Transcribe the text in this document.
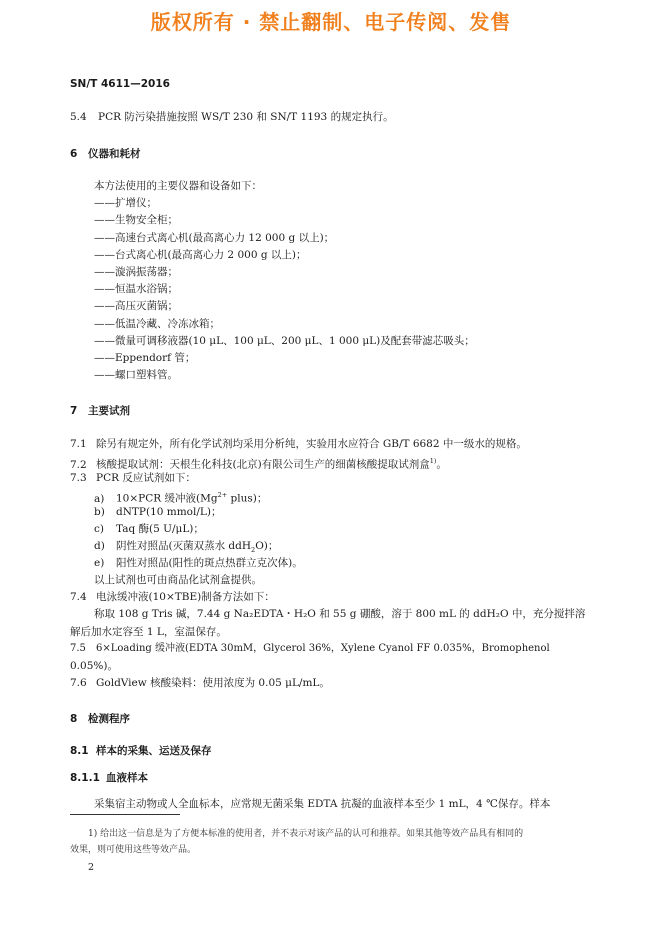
版权所有 · 禁止翻制、电子传阅、发售
SN/T 4611—2016
5.4 PCR 防污染措施按照 WS/T 230 和 SN/T 1193 的规定执行。
6 仪器和耗材
本方法使用的主要仪器和设备如下：
——扩增仪；
——生物安全柜；
——高速台式离心机(最高离心力 12 000 g 以上)；
——台式离心机(最高离心力 2 000 g 以上)；
——漩涡振荡器；
——恒温水浴锅；
——高压灭菌锅；
——低温冷藏、冷冻冰箱；
——微量可调移液器(10 μL、100 μL、200 μL、1 000 μL)及配套带滤芯吸头；
——Eppendorf 管；
——螺口塑料管。
7 主要试剂
7.1 除另有规定外，所有化学试剂均采用分析纯，实验用水应符合 GB/T 6682 中一级水的规格。
7.2 核酸提取试剂：天根生化科技(北京)有限公司生产的细菌核酸提取试剂盒$^{1)}$。
7.3 PCR 反应试剂如下：
a) 10×PCR 缓冲液($Mg^{2+}$ plus)；
b) dNTP(10 mmol/L)；
c) Taq 酶(5 U/μL)；
d) 阴性对照品(灭菌双蒸水 ddH$_2$O)；
e) 阳性对照品(阳性的斑点热群立克次体)。
以上试剂也可由商品化试剂盒提供。
7.4 电泳缓冲液(10×TBE)制备方法如下：
称取 108 g Tris 碱，7.44 g Na₂EDTA・H₂O 和 55 g 硼酸，溶于 800 mL 的 ddH₂O 中，充分搅拌溶
解后加水定容至 1 L，室温保存。
7.5 6×Loading 缓冲液(EDTA 30mM，Glycerol 36%，Xylene Cyanol FF 0.035%，Bromophenol
0.05%)。
7.6 GoldView 核酸染料：使用浓度为 0.05 μL/mL。
8 检测程序
8.1 样本的采集、运送及保存
8.1.1 血液样本
采集宿主动物或人全血标本，应常规无菌采集 EDTA 抗凝的血液样本至少 1 mL，4 ℃保存。样本
1) 给出这一信息是为了方便本标准的使用者，并不表示对该产品的认可和推荐。如果其他等效产品具有相同的
效果，则可使用这些等效产品。
2
